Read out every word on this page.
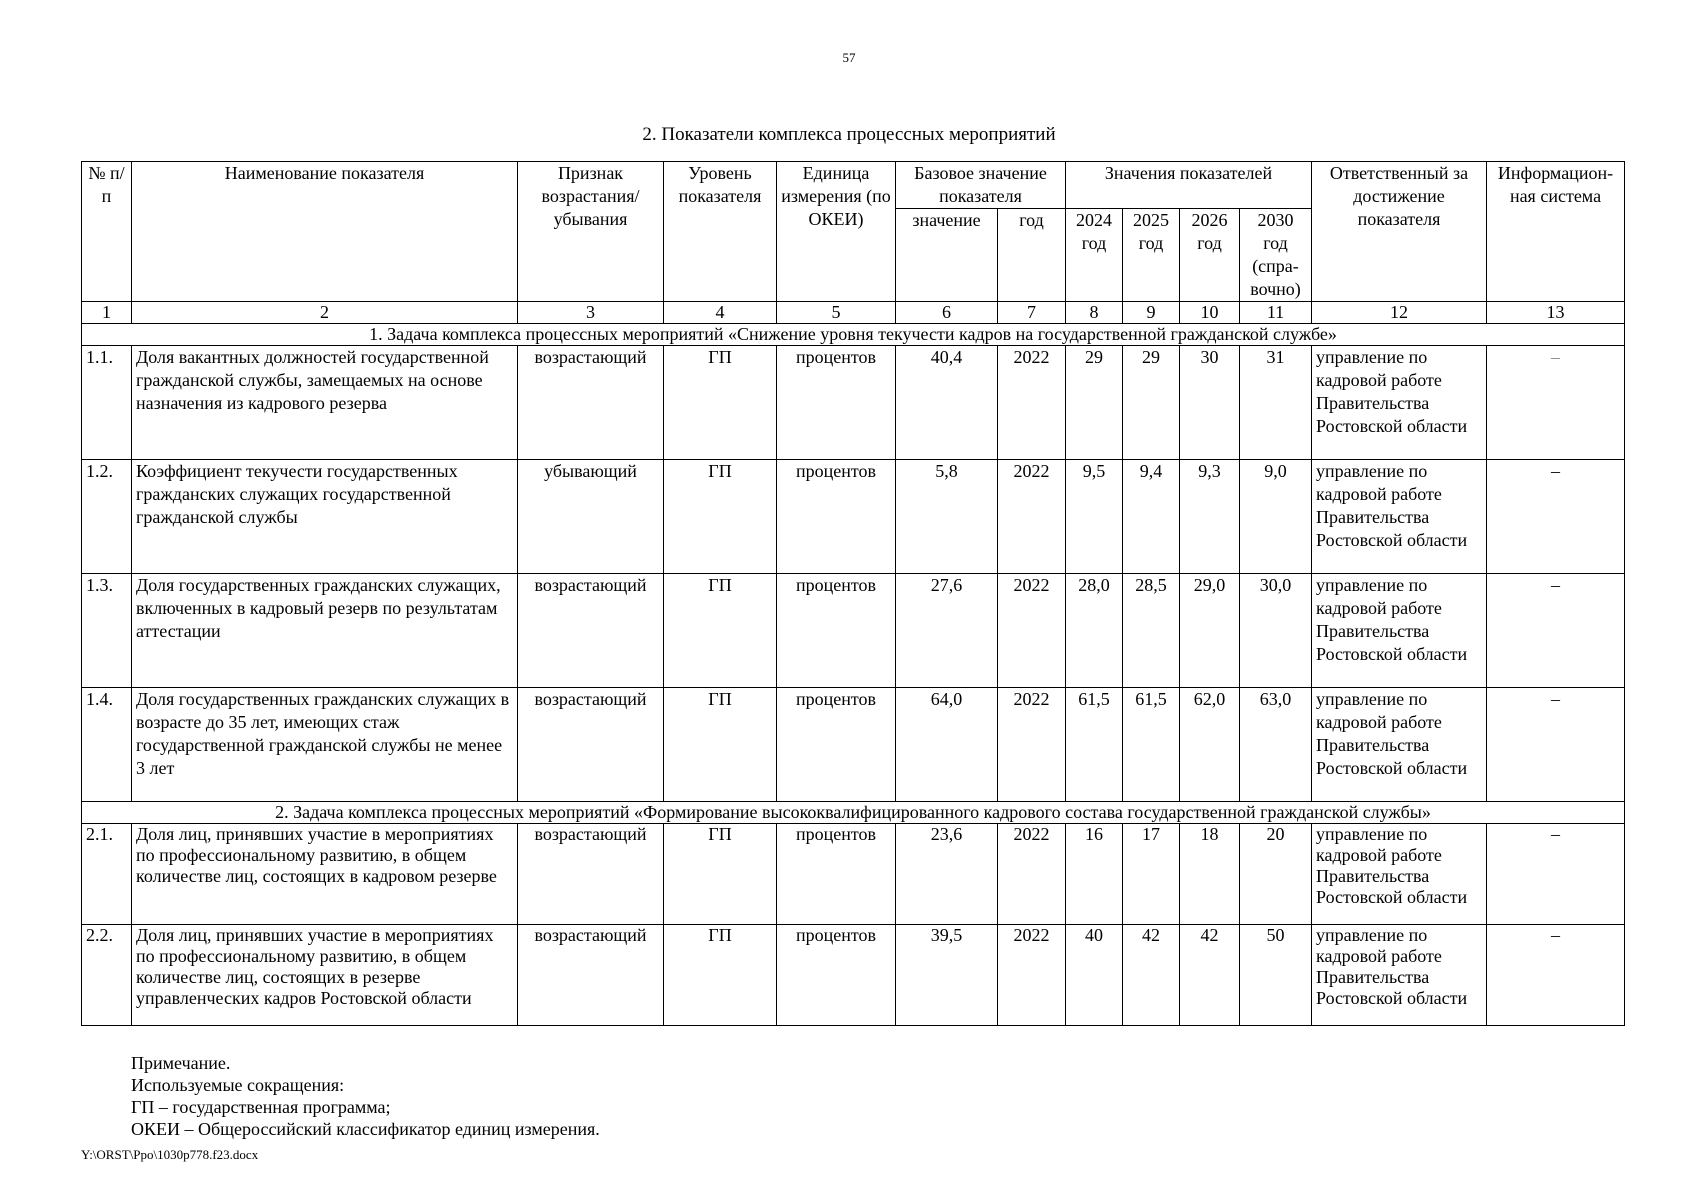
57
2. Показатели комплекса процессных мероприятий
№ п/п	Наименование показателя	Признак возрастания/ убывания	Уровень показателя	Единица измерения (по ОКЕИ)	Базовое значение показателя		Значения показателей				Ответственный за достижение показателя	Информацион-ная система
					значение	год	2024 год	2025 год	2026 год	2030 год (спра-вочно)		
1	2	3	4	5	6	7	8	9	10	11	12	13
1. Задача комплекса процессных мероприятий «Снижение уровня текучести кадров на государственной гражданской службе»												
1.1.	Доля вакантных должностей государственной гражданской службы, замещаемых на основе назначения из кадрового резерва	возрастающий	ГП	процентов	40,4	2022	29	29	30	31	управление по кадровой работе Правительства Ростовской области	–
1.2.	Коэффициент текучести государственных гражданских служащих государственной гражданской службы	убывающий	ГП	процентов	5,8	2022	9,5	9,4	9,3	9,0	управление по кадровой работе Правительства Ростовской области	–
1.3.	Доля государственных гражданских служащих, включенных в кадровый резерв по результатам аттестации	возрастающий	ГП	процентов	27,6	2022	28,0	28,5	29,0	30,0	управление по кадровой работе Правительства Ростовской области	–
1.4.	Доля государственных гражданских служащих в возрасте до 35 лет, имеющих стаж государственной гражданской службы не менее 3 лет	возрастающий	ГП	процентов	64,0	2022	61,5	61,5	62,0	63,0	управление по кадровой работе Правительства Ростовской области	–
2. Задача комплекса процессных мероприятий «Формирование высококвалифицированного кадрового состава государственной гражданской службы»												
2.1.	Доля лиц, принявших участие в мероприятиях по профессиональному развитию, в общем количестве лиц, состоящих в кадровом резерве	возрастающий	ГП	процентов	23,6	2022	16	17	18	20	управление по кадровой работе Правительства Ростовской области	–
2.2.	Доля лиц, принявших участие в мероприятиях по профессиональному развитию, в общем количестве лиц, состоящих в резерве управленческих кадров Ростовской области	возрастающий	ГП	процентов	39,5	2022	40	42	42	50	управление по кадровой работе Правительства Ростовской области	–
Примечание.
Используемые сокращения:
ГП – государственная программа;
ОКЕИ – Общероссийский классификатор единиц измерения.
Y:\ORST\Ppo\1030p778.f23.docx
